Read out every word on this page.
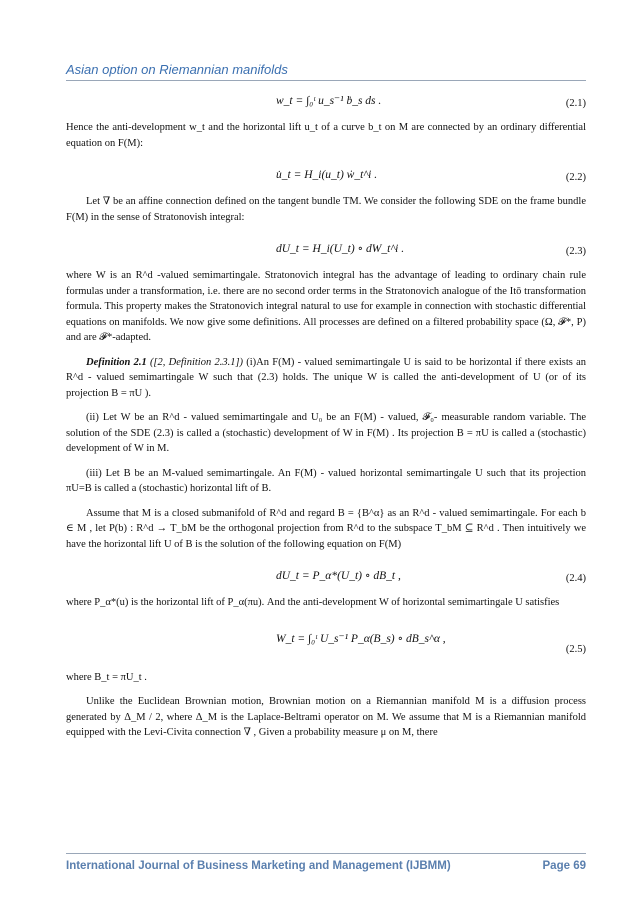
Asian option on Riemannian manifolds
w_t = ∫₀ᵗ u_s⁻¹ ḃ_s ds .	(2.1)

Hence the anti-development w_t and the horizontal lift u_t of a curve b_t on M are connected by an ordinary differential equation on F(M):

u̇_t = H_i(u_t) ẇ_t^i .	(2.2)

Let ∇ be an affine connection defined on the tangent bundle TM. We consider the following SDE on the frame bundle F(M) in the sense of Stratonovish integral:

dU_t = H_i(U_t) ∘ dW_t^i .	(2.3)

where W is an R^d -valued semimartingale. Stratonovich integral has the advantage of leading to ordinary chain rule formulas under a transformation, i.e. there are no second order terms in the Stratonovich analogue of the Itō transformation formula. This property makes the Stratonovich integral natural to use for example in connection with stochastic differential equations on manifolds. We now give some definitions. All processes are defined on a filtered probability space (Ω, 𝓕*, P) and are 𝓕*-adapted.

Definition 2.1 ([2, Definition 2.3.1]) (i)An F(M) - valued semimartingale U is said to be horizontal if there exists an R^d - valued semimartingale W such that (2.3) holds. The unique W is called the anti-development of U (or of its projection B = πU ).

(ii) Let W be an R^d - valued semimartingale and U₀ be an F(M) - valued, 𝓕₀- measurable random variable. The solution of the SDE (2.3) is called a (stochastic) development of W in F(M) . Its projection B = πU is called a (stochastic) development of W in M.

(iii) Let B be an M-valued semimartingale. An F(M) - valued horizontal semimartingale U such that its projection πU=B is called a (stochastic) horizontal lift of B.

Assume that M is a closed submanifold of R^d and regard B = {B^α} as an R^d - valued semimartingale. For each b ∈ M , let P(b) : R^d → T_bM be the orthogonal projection from R^d to the subspace T_bM ⊆ R^d . Then intuitively we have the horizontal lift U of B is the solution of the following equation on F(M)

dU_t = P_α*(U_t) ∘ dB_t ,	(2.4)

where P_α*(u) is the horizontal lift of P_α(πu). And the anti-development W of horizontal semimartingale U satisfies

W_t = ∫₀ᵗ U_s⁻¹ P_α(B_s) ∘ dB_s^α ,
(2.5)

where B_t = πU_t .

Unlike the Euclidean Brownian motion, Brownian motion on a Riemannian manifold M is a diffusion process generated by Δ_M / 2, where Δ_M is the Laplace-Beltrami operator on M. We assume that M is a Riemannian manifold equipped with the Levi-Civita connection ∇ , Given a probability measure μ on M, there

International Journal of Business Marketing and Management (IJBMM)	Page 69
